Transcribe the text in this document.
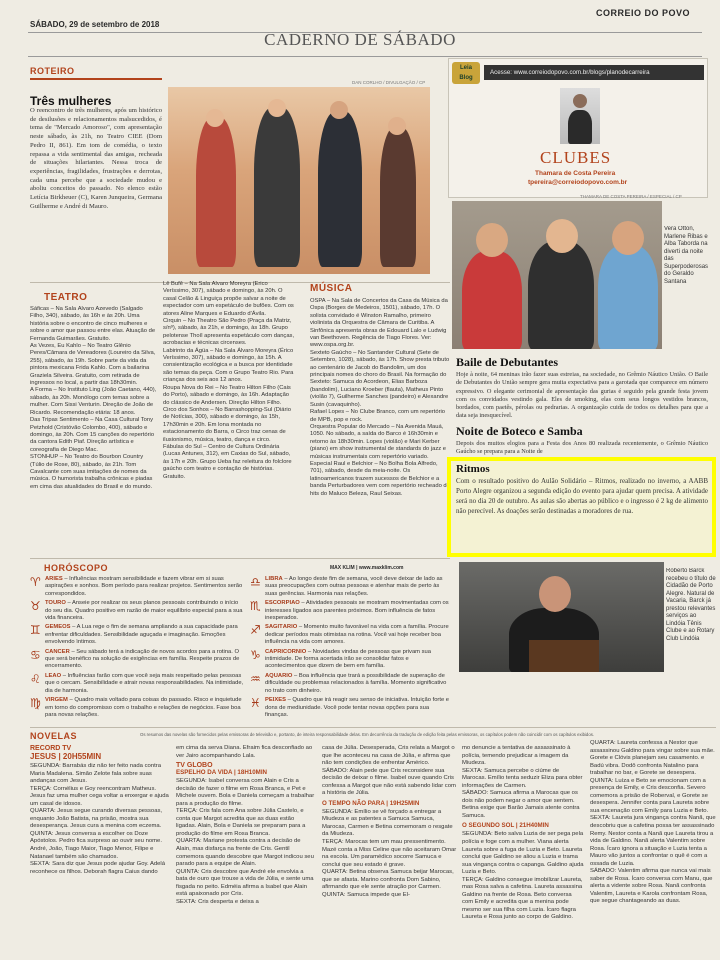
SÁBADO, 29 de setembro de 2018
CORREIO DO POVO
CADERNO DE SÁBADO
ROTEIRO
Três mulheres
O reencontro de três mulheres, após um histórico de desilusões e relacionamentos malsucedidos, é tema de "Mercado Amoroso", com apresentação neste sábado, às 21h, no Teatro CIEE (Dom Pedro II, 861). Em tom de comédia, o texto repassa a vida sentimental das amigas, recheada de situações hilariantes. Nessa troca de experiências, fragilidades, frustrações e derrotas, cada uma percebe que a sociedade mudou e aboliu conceitos do passado. No elenco estão Letícia Birkheuer (C), Karen Junqueira, Germana Guilherme e André di Mauro.
DAN CORLHO / DIVULGAÇÃO / CP
TEATRO
Sáficas – Na Sala Álvaro Azevedo (Salgado Filho, 340), sábado, às 16h e às 20h. Uma história sobre o encontro de cinco mulheres e sobre o amor que passou entre elas. Atuação de Fernanda Guimarães. Gratuito.
As Vezes, Eu Kahlo – No Teatro Glênio Peres/Câmara de Vereadores (Loureiro da Silva, 255), sábado, às 19h. Sobre parte da vida da pintora mexicana Frida Kahlo. Com a bailarina Graziela Silveira. Gratuito, com retirada de ingressos no local, a partir das 18h30min.
A Forma – No Instituto Ling (João Caetano, 440), sábado, às 20h. Monólogo com temas sobre a mulher. Com Sissi Venturin. Direção de João de Ricardo. Recomendação etária: 18 anos.
Das Tripas Sentimento – Na Casa Cultural Tony Petzhold (Cristóvão Colombo, 400), sábado e domingo, às 20h. Com 15 canções do repertório da cantora Edith Piaf. Direção artística e coreografia de Diego Mac.
STONHUP – No Teatro do Bourbon Country (Túlio de Rose, 80), sábado, às 21h. Tom Cavalcante com suas imitações de nomes da música. O humorista trabalha crônicas e piadas em cima das atualidades do Brasil e do mundo.
Lê Bufê – Na Sala Álvaro Moreyra (Érico Veríssimo, 307), sábado e domingo, às 20h. O casal Celão & Linguiça propõe salvar a noite de espectador com um espetáculo de bufões. Com os atores Aline Marques e Eduardo d'Ávila.
Cirquin – No Theatro São Pedro (Praça da Matriz, s/nº), sábado, às 21h, e domingo, às 18h. Grupo pelotense Thoíl apresenta espetáculo com danças, acrobacias e técnicas circenses.
Labirinto da Ágüa – Na Sala Álvaro Moreyra (Érico Veríssimo, 307), sábado e domingo, às 15h. A consientização ecológica e a busca por identidade são temas da peça. Com o Grupo Teatro Rio. Para crianças dos seis aos 12 anos.
Roupa Nova do Rei – No Teatro Hilton Filho (Cais do Porto), sábado e domingo, às 16h. Adaptação do clássico de Andersen. Direção Hilton Filho.
Circo dos Sonhos – No Barrashopping-Sul (Diário de Notícias, 300), sábado e domingo, às 15h, 17h30min e 20h. Em lona montada no estacionamento do Barra, o Circo traz cenas de ilusionismo, música, teatro, dança e circo.
Fábulas do Sul – Centro de Cultura Ordinária (Lucas Antunes, 312), em Caxias do Sul, sábado, às 17h e 20h. Grupo Ueba faz releitura do folclore gaúcho com teatro e contação de histórias. Gratuito.
MÚSICA
OSPA – Na Sala de Concertos da Casa da Música da Ospa (Borges de Medeiros, 1501), sábado, 17h. O solista convidado é Winston Ramalho, primeiro violinista da Orquestra de Câmara de Curitiba. A Sinfônica apresenta obras de Edouard Lalo e Ludwig van Beethoven. Regência de Tiago Flores. Ver: www.ospa.org.br.
Sexteto Gaúcho – No Santander Cultural (Sete de Setembro, 1028), sábado, às 17h. Show presta tributo ao centenário de Jacob do Bandolim, um dos principais nomes do choro do Brasil. Na formação do Sexteto: Samuca do Acordeon, Elias Barboza (bandolim), Luciano Kroeber (flauta), Matheus Pinto (violão 7), Guilherme Sanches (pandeiro) e Alexandre Susin (cavaquinho).
Rafael Lopes – No Clube Branco, com um repertório de MPB, pop e rock.
Orquestra Popular do Mercado – Na Avenida Mauá, 1050. No sábado, a saída do Barco é 16h30min e retorno às 18h30min. Lopes (violão) e Mari Kerber (piano) em show instrumental de standards do jazz e músicas instrumentais com repertório variado.
Especial Raul e Belchior – No Bolha Bola Alfredo, 701), sábado, desde da meia-noite. Os latinoamericanos trazem sucessos de Belchior e a banda Perturbadores vem com repertório recheado de hits do Maluco Beleza, Raul Seixas.
Leia
Blog
Acesse: www.correiodopovo.com.br/blogs/planodecarreira
CLUBES
Thamara de Costa Pereira
tpereira@correiodopovo.com.br
THAMARA DE COSTA PEREIRA / ESPECIAL / CP
Vera Otton, Marlene Ribas e Alba Taborda na diverti da noite das Superpoderosas do Geraldo Santana
Baile de Debutantes
Hoje à noite, 64 meninas irão fazer suas estreias, na sociedade, no Grêmio Náutico União. O Baile de Debutantes do União sempre gera muita expectativa para a garotada que comparece em número expressivo. O elegante cerimonial de apresentação das gurias é seguido pela grande festa jovem com os convidados vestindo gala. Eles de smoking, elas com seus longos vestidos brancos, bordados, com paetês, pérolas ou pedrarias. A organização cuida de todos os detalhes para que a data seja inesquecível.
Noite de Boteco e Samba
Depois dos muitos elogios para a Festa dos Anos 80 realizada recentemente, o Grêmio Náutico Gaúcho se prepara para a Noite de
Ritmos
Com o resultado positivo do Aulão Solidário – Ritmos, realizado no inverno, a AABB Porto Alegre organizou a segunda edição do evento para ajudar quem precisa. A atividade será no dia 20 de outubro. As aulas são abertas ao público e o ingresso é 2 kg de alimento não perecível. As doações serão destinadas a moradores de rua.
Roberto Barck recebeu o título de Cidadão de Porto Alegre. Natural de Vacaria, Barck já prestou relevantes serviços ao Lindóia Tênis Clube e ao Rotary Club Lindóia
HORÓSCOPO	MAX KLIM | www.maxklim.com
♈ ÁRIES – Influências mostram sensibilidade e fazem vibrar em si suas aspirações e sonhos. Bom período para realizar projetos. Sentimentos serão correspondidos.
♉ TOURO – Anseie por realizar os seus planos pessoais contribuindo o início do seu dia. Quadro positivo em razão de maior equilíbrio especial para a sua vida financeira.
♊ GÊMEOS – A Lua rege o fim de semana ampliando a sua capacidade para enfrentar dificuldades. Sensibilidade aguçada e imaginação. Emoções envolvendo ìntimos.
♋ CÂNCER – Seu sábado terá a indicação de novos acordos para a rotina. O que será benéfico na solução de exigências em família. Respeite prazos de encerramento.
♌ LEÃO – Influências farão com que você seja mais respeitado pelas pessoas que o cercam. Sensibilidade e atrair novas responsabilidades. Na intimidade, dia de harmonia.
♍ VIRGEM – Quadro mais voltado para coisas do passado. Risco e inquietude em torno do compromisso com o trabalho e relações de negócios. Fase boa para novas relações.
♎ LIBRA – Ao longo deste fim de semana, você deve deixar de lado as suas preocupações com outras pessoas e atenhar mais de perto às suas gerências. Harmonia nas relações.
♏ ESCORPIÃO – Atividades pessoais se mostram movimentadas com os interesses ligados aos parentes próximos. Bom influência de fatos inesperados.
♐ SAGITÁRIO – Momento muito favorável na vida com a família. Procure dedicar períodos mais otimistas na rotina. Você vai hoje receber boa influência na vida com amores.
♑ CAPRICÓRNIO – Novidades vindas de pessoas que privam sua intimidade. De forma acertada irão se consolidar fatos e acontecimentos que dizem de bem em família.
♒ AQUÁRIO – Boa influência que trará a possibilidade de superação de dificuldade ou problemas relacionados à família. Momento significativo no trato com dinheiro.
♓ PEIXES – Quadro que irá reagir seu senso de iniciativa. Intuição forte e dons de mediunidade. Você pode tentar novas opções para sua finanças.
NOVELAS	Os resumos das novelas são fornecidos pelas emissoras de televisão e, portanto, de inteira responsabilidade delas. Em decorrência da tradução de edição feita pelas emissoras, os capítulos podem não coincidir com os capítulos exibidos.
RECORD TV
JESUS | 20H55MIN
SEGUNDA: Barrabás diz não ter feito nada contra Maria Madalena. Simão Zelote fala sobre suas andanças com Jesus.
TERÇA: Cornélius e Goy reencontram Matheus. Jesus faz uma mulher cega voltar a enxergar e ajuda um casal de idosos.
QUARTA: Jesus segue curando diversas pessoas, enquanto João Batista, na prisão, mostra sua desesperança. Jesus cura a menina com eczema.
QUINTA: Jesus conversa a escolher os Doze Apóstolos. Pedro fica surpreso ao ouvir seu nome. André, João, Tiago Maior, Tiago Menor, Filipe e Natanael também são chamados.
SEXTA: Sara diz que Jesus pode ajudar Goy. Adelá reconhece os filhos. Deborah flagra Caius dando
em cima da serva Diana. Efraim fica desconfiado ao ver Jairo acompanhando Lala.
TV GLOBO
ESPELHO DA VIDA | 18H10MIN
SEGUNDA: Isabel conversa com Alain e Cris a decisão de fazer o filme em Rosa Branca, e Pet e Michele ouvem. Bola e Daniela começam a trabalhar para a produção do filme.
TERÇA: Cris fala com Ana sobre Júlia Castelo, e conta que Margot acredita que as duas estão ligadas. Alain, Bola e Daniela se preparam para a produção do filme em Rosa Branca.
QUARTA: Mariane protesta contra a decisão de Alain, mas disfarça na frente de Cris. Gentil comemora quando descobre que Margot indicou seu parado para a equipe de Alain.
QUINTA: Cris descobre que André ele envolvia a bata de ouro que trouxe a vida de Júlia, e sente uma fisgada no peito. Edméia afirma a Isabel que Alain está apaixonado por Cris.
SEXTA: Cris desperta e deixa a
casa de Júlia. Desesperada, Cris relata a Margot o que lhe aconteceu na casa de Júlia, e afirma que não tem condições de enfrentar Américo.
SÁBADO: Alain pede que Cris reconsidere sua decisão de deixar o filme. Isabel ouve quando Cris confessa a Margot que não está sabendo lidar com a história de Júlia.
O TEMPO NÃO PARA | 19H25MIN
SEGUNDA: Emílio se vê forçado a entregar a Miudeza e as patentes a Samuca Samuca, Marocas, Carmen e Betina comemoram o resgate da Miudeza.
TERÇA: Marocas tem um mau pressentimento. Mazé conta a Miss Celine que não aceitaram Omar na escola. Um paramédico socorre Samuca e conclui que seu estado é grave.
QUARTA: Betina observa Samuca beijar Marocas, que se afasta. Marino confronta Dom Sabino, afirmando que ele sente atração por Carmen.
QUINTA: Samuca impede que El-
mo denuncie a tentativa de assassinato à polícia, temendo prejudicar a imagem da Miudeza.
SEXTA: Samuca percebe o ciúme de Marocas. Emílio tenta seduzir Eliza para obter informações de Carmen.
SÁBADO: Samuca afirma a Marocas que os dois não podem negar o amor que sentem. Betina exige que Barão Jamais atente contra Samuca.
O SEGUNDO SOL | 21H40MIN
SEGUNDA: Beto salva Luzia de ser pega pela polícia e foge com a mulher. Viana alerta Laureta sobre a fuga de Luzia e Beto. Laureta conclui que Galdino se aliou a Luzia e trama sua vingança contra o capanga. Galdino ajuda Luzia e Beto.
TERÇA: Galdino consegue imobilizar Laureta, mas Rosa salva a cafetina. Laureta assassina Galdino na frente de Rosa. Beto conversa com Emily e acredita que a menina pode mesmo ser sua filha com Luzia. Ícaro flagra Laureta e Rosa junto ao corpo de Galdino.
QUARTA: Laureta confessa a Nestor que assassinou Galdino para vingar sobre sua mãe. Gorete e Clóvis planejam seu casamento. e Badú vibra. Dodô confronta Natalino para trabalhar no bar, e Gorete se desespera.
QUINTA: Luíza e Beto se emocionam com a presença de Emily, e Cris desconfia. Severo comemora a prisão de Roberval, e Gorete se desespera. Jennifer conta para Laureta sobre sua encenação com Emily para Luzia e Beto.
SEXTA: Laureta jura vingança contra Nanã, que descobriu que a cafetina possa ter assassinado Remy. Nestor conta a Nanã que Laureta tirou a vida de Galdino. Nanã alerta Valentim sobre Rosa. Ícaro ignora a situação e Luzia tenta a Mauro vão juntos a confrontar o quê é com a ossada de Luzia.
SÁBADO: Valentim afirma que nunca vai mais saber de Rosa. Ícaro conversa com Manu, que alerta a vidente sobre Rosa. Nanã confronta Valentim, Laureta e Karola confrontam Rosa, que segue chantageando as duas.
